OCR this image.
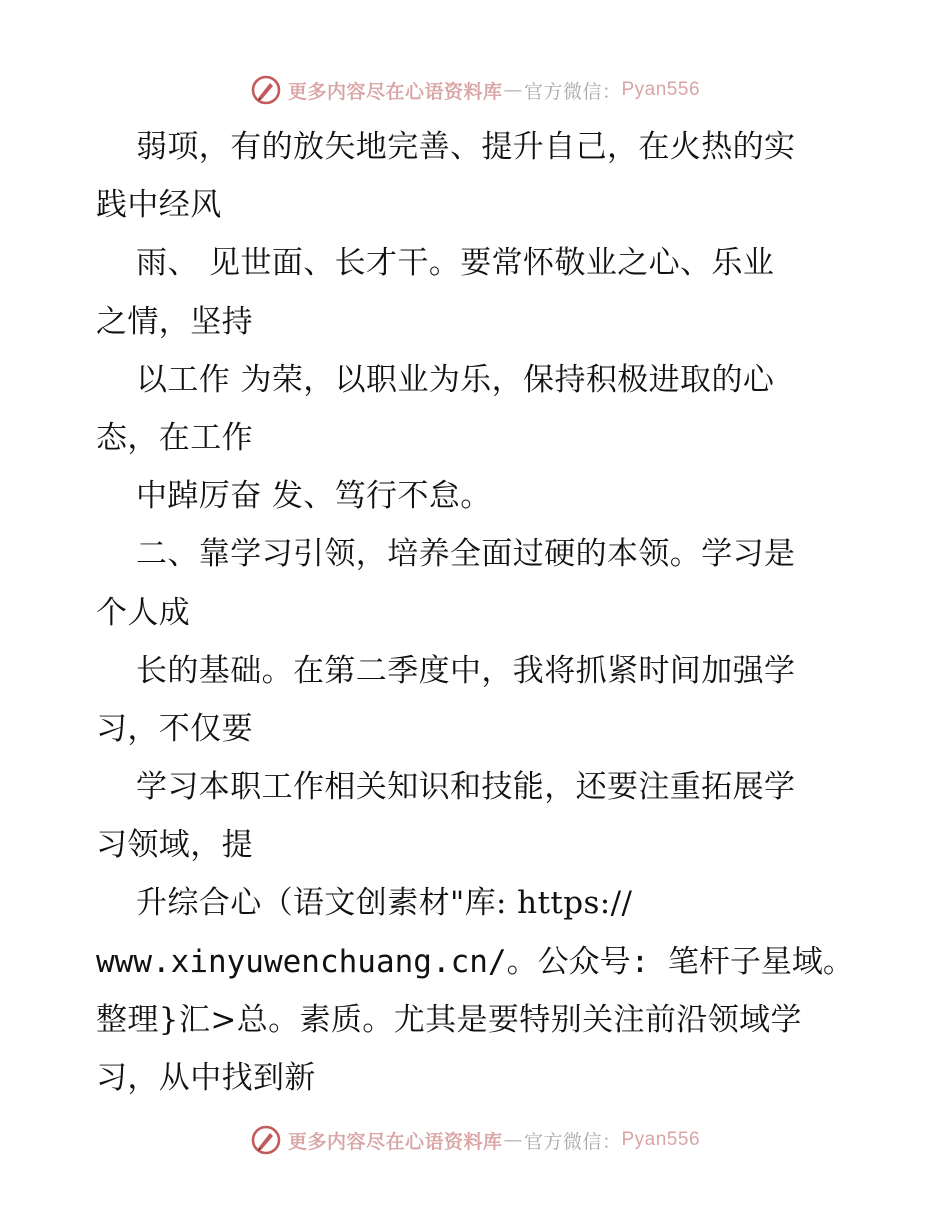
更多内容尽在心语资料库 — 官方微信： Pyan556
弱项，有的放矢地完善、提升自己，在火热的实
践中经风
雨、 见世面、长才干。要常怀敬业之心、乐业
之情，坚持
以工作 为荣，以职业为乐，保持积极进取的心
态，在工作
中踔厉奋 发、笃行不怠。
二、靠学习引领，培养全面过硬的本领。学习是
个人成
长的基础。在第二季度中，我将抓紧时间加强学
习，不仅要
学习本职工作相关知识和技能，还要注重拓展学
习领域，提
升综合心（语文创素材"库: https://
www.xinyuwenchuang.cn/。公众号: 笔杆子星域。
整理}汇>总。素质。尤其是要特别关注前沿领域学
习，从中找到新
更多内容尽在心语资料库 — 官方微信： Pyan556
